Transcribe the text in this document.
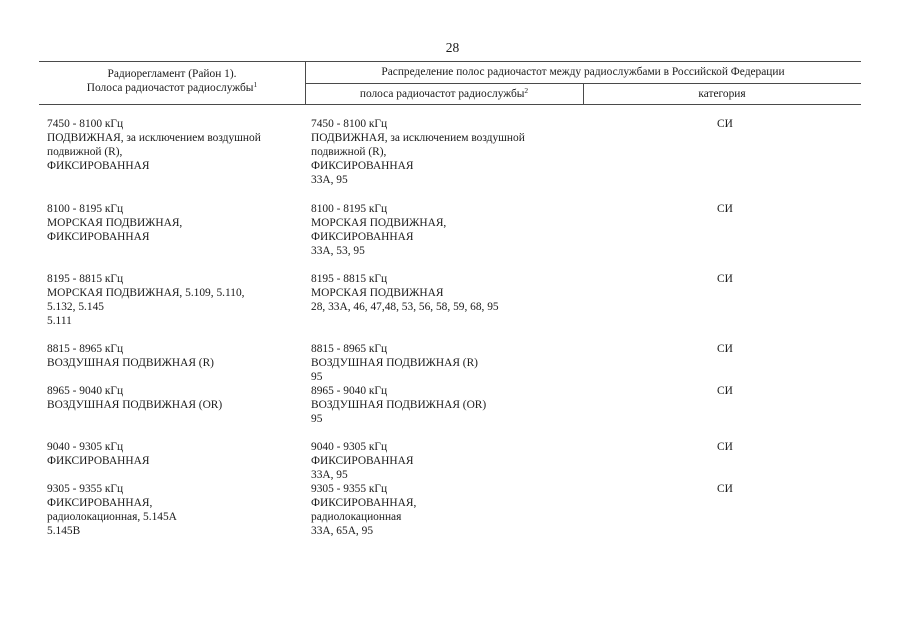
28
Радиорегламент (Район 1).
Полоса радиочастот радиослужбы$^1$
Распределение полос радиочастот между радиослужбами в Российской Федерации
полоса радиочастот радиослужбы$^2$	категория
7450 - 8100 кГц
ПОДВИЖНАЯ, за исключением воздушной
подвижной (R),
ФИКСИРОВАННАЯ
7450 - 8100 кГц
ПОДВИЖНАЯ, за исключением воздушной
подвижной (R),
ФИКСИРОВАННАЯ
33A, 95
СИ
8100 - 8195 кГц
МОРСКАЯ ПОДВИЖНАЯ,
ФИКСИРОВАННАЯ
8100 - 8195 кГц
МОРСКАЯ ПОДВИЖНАЯ,
ФИКСИРОВАННАЯ
33A, 53, 95
СИ
8195 - 8815 кГц
МОРСКАЯ ПОДВИЖНАЯ, 5.109, 5.110,
5.132, 5.145
5.111
8195 - 8815 кГц
МОРСКАЯ ПОДВИЖНАЯ
28, 33A, 46, 47,48, 53, 56, 58, 59, 68, 95
СИ
8815 - 8965 кГц
ВОЗДУШНАЯ ПОДВИЖНАЯ (R)
8815 - 8965 кГц
ВОЗДУШНАЯ ПОДВИЖНАЯ (R)
95
СИ
8965 - 9040 кГц
ВОЗДУШНАЯ ПОДВИЖНАЯ (OR)
8965 - 9040 кГц
ВОЗДУШНАЯ ПОДВИЖНАЯ (OR)
95
СИ
9040 - 9305 кГц
ФИКСИРОВАННАЯ
9040 - 9305 кГц
ФИКСИРОВАННАЯ
33A, 95
СИ
9305 - 9355 кГц
ФИКСИРОВАННАЯ,
радиолокационная, 5.145A
5.145B
9305 - 9355 кГц
ФИКСИРОВАННАЯ,
радиолокационная
33A, 65A, 95
СИ
